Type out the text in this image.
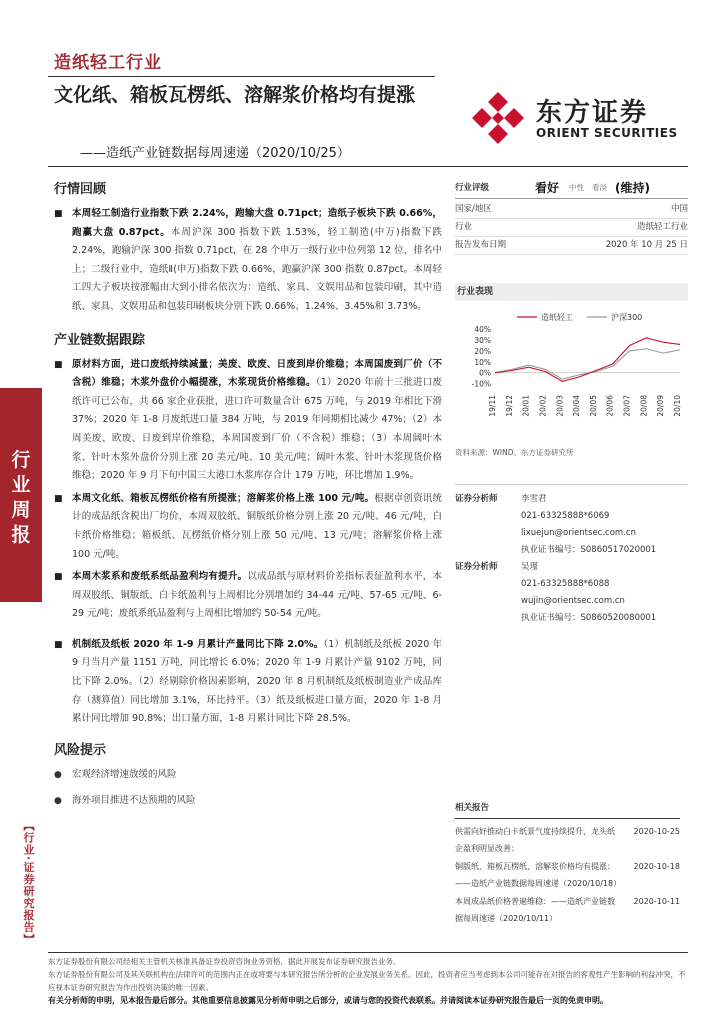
行
业
周
报
【行业·证券研究报告】
造纸轻工行业
文化纸、箱板瓦楞纸、溶解浆价格均有提涨
——造纸产业链数据每周速递（2020/10/25）
东方证券
ORIENT SECURITIES
行情回顾
■ 本周轻工制造行业指数下跌 2.24%，跑输大盘 0.71pct；造纸子板块下跌 0.66%，跑赢大盘 0.87pct。本周沪深 300 指数下跌 1.53%，轻工制造(中万)指数下跌 2.24%，跑输沪深 300 指数 0.71pct，在 28 个申万一级行业中位列第 12 位，排名中上；二级行业中，造纸Ⅱ(申万)指数下跌 0.66%，跑赢沪深 300 指数 0.87pct。本周轻工四大子板块按涨幅由大到小排名依次为：造纸、家具、文娱用品和包装印刷，其中造纸、家具、文娱用品和包装印刷板块分别下跌 0.66%、1.24%、3.45%和 3.73%。
产业链数据跟踪
■ 原材料方面，进口废纸持续减量；美废、欧废、日废到岸价维稳；本周国废到厂价（不含税）维稳；木浆外盘价小幅提涨，木浆现货价格维稳。（1）2020 年前十三批进口废纸许可已公布，共 66 家企业获批，进口许可数量合计 675 万吨，与 2019 年相比下滑 37%；2020 年 1-8 月废纸进口量 384 万吨，与 2019 年同期相比减少 47%；（2）本周美废、欧废、日废到岸价维稳，本周国废到厂价（不含税）维稳；（3）本周阔叶木浆、针叶木浆外盘价分别上涨 20 美元/吨、10 美元/吨；阔叶木浆、针叶木浆现货价格维稳；2020 年 9 月下旬中国三大港口木浆库存合计 179 万吨，环比增加 1.9%。
■ 本周文化纸、箱板瓦楞纸价格有所提涨；溶解浆价格上涨 100 元/吨。根据卓创资讯统计的成品纸含税出厂均价，本周双胶纸、铜版纸价格分别上涨 20 元/吨、46 元/吨，白卡纸价格维稳；箱板纸、瓦楞纸价格分别上涨 50 元/吨、13 元/吨；溶解浆价格上涨 100 元/吨。
■ 本周木浆系和废纸系纸品盈利均有提升。以成品纸与原材料价差指标表征盈利水平，本周双胶纸、铜版纸、白卡纸盈利与上周相比分别增加约 34-44 元/吨、57-65 元/吨、6-29 元/吨；废纸系纸品盈利与上周相比增加约 50-54 元/吨。
■ 机制纸及纸板 2020 年 1-9 月累计产量同比下降 2.0%。（1）机制纸及纸板 2020 年 9 月当月产量 1151 万吨，同比增长 6.0%；2020 年 1-9 月累计产量 9102 万吨，同比下降 2.0%。（2）经剔除价格因素影响，2020 年 8 月机制纸及纸板制造业产成品库存（测算值）同比增加 3.1%，环比持平。（3）纸及纸板进口量方面，2020 年 1-8 月累计同比增加 90.8%；出口量方面，1-8 月累计同比下降 28.5%。
风险提示
● 宏观经济增速放缓的风险
● 海外项目推进不达预期的风险
行业评级	看好 中性 看淡 (维持)
国家/地区	中国
行业	造纸轻工行业
报告发布日期	2020 年 10 月 25 日
行业表现
造纸轻工	沪深300
40%
30%
20%
10%
0%
-10%
19/11 19/12 20/01 20/02 20/03 20/04 20/05 20/06 20/07 20/08 20/09 20/10
资料来源：WIND、东方证券研究所
证券分析师	李雪君
021-63325888*6069
lixuejun@orientsec.com.cn
执业证书编号：S0860517020001
证券分析师	吴瑾
021-63325888*6088
wujin@orientsec.com.cn
执业证书编号：S0860520080001
相关报告
供需向好推动白卡纸景气度持续提升，龙头纸企盈利明显改善：
2020-10-25
铜版纸、箱板瓦楞纸、溶解浆价格均有提涨：——造纸产业链数据每周速递（2020/10/18）
2020-10-18
本周成品纸价格普遍维稳：——造纸产业链数据每周速递（2020/10/11）
2020-10-11
东方证券股份有限公司经相关主管机关核准具备证券投资咨询业务资格，据此开展发布证券研究报告业务。
东方证券股份有限公司及其关联机构在法律许可的范围内正在或将要与本研究报告所分析的企业发展业务关系。因此，投资者应当考虑到本公司可能存在对报告的客观性产生影响的利益冲突，不应视本证券研究报告为作出投资决策的唯一因素。
有关分析师的申明，见本报告最后部分。其他重要信息披露见分析师申明之后部分，或请与您的投资代表联系。并请阅读本证券研究报告最后一页的免责申明。
